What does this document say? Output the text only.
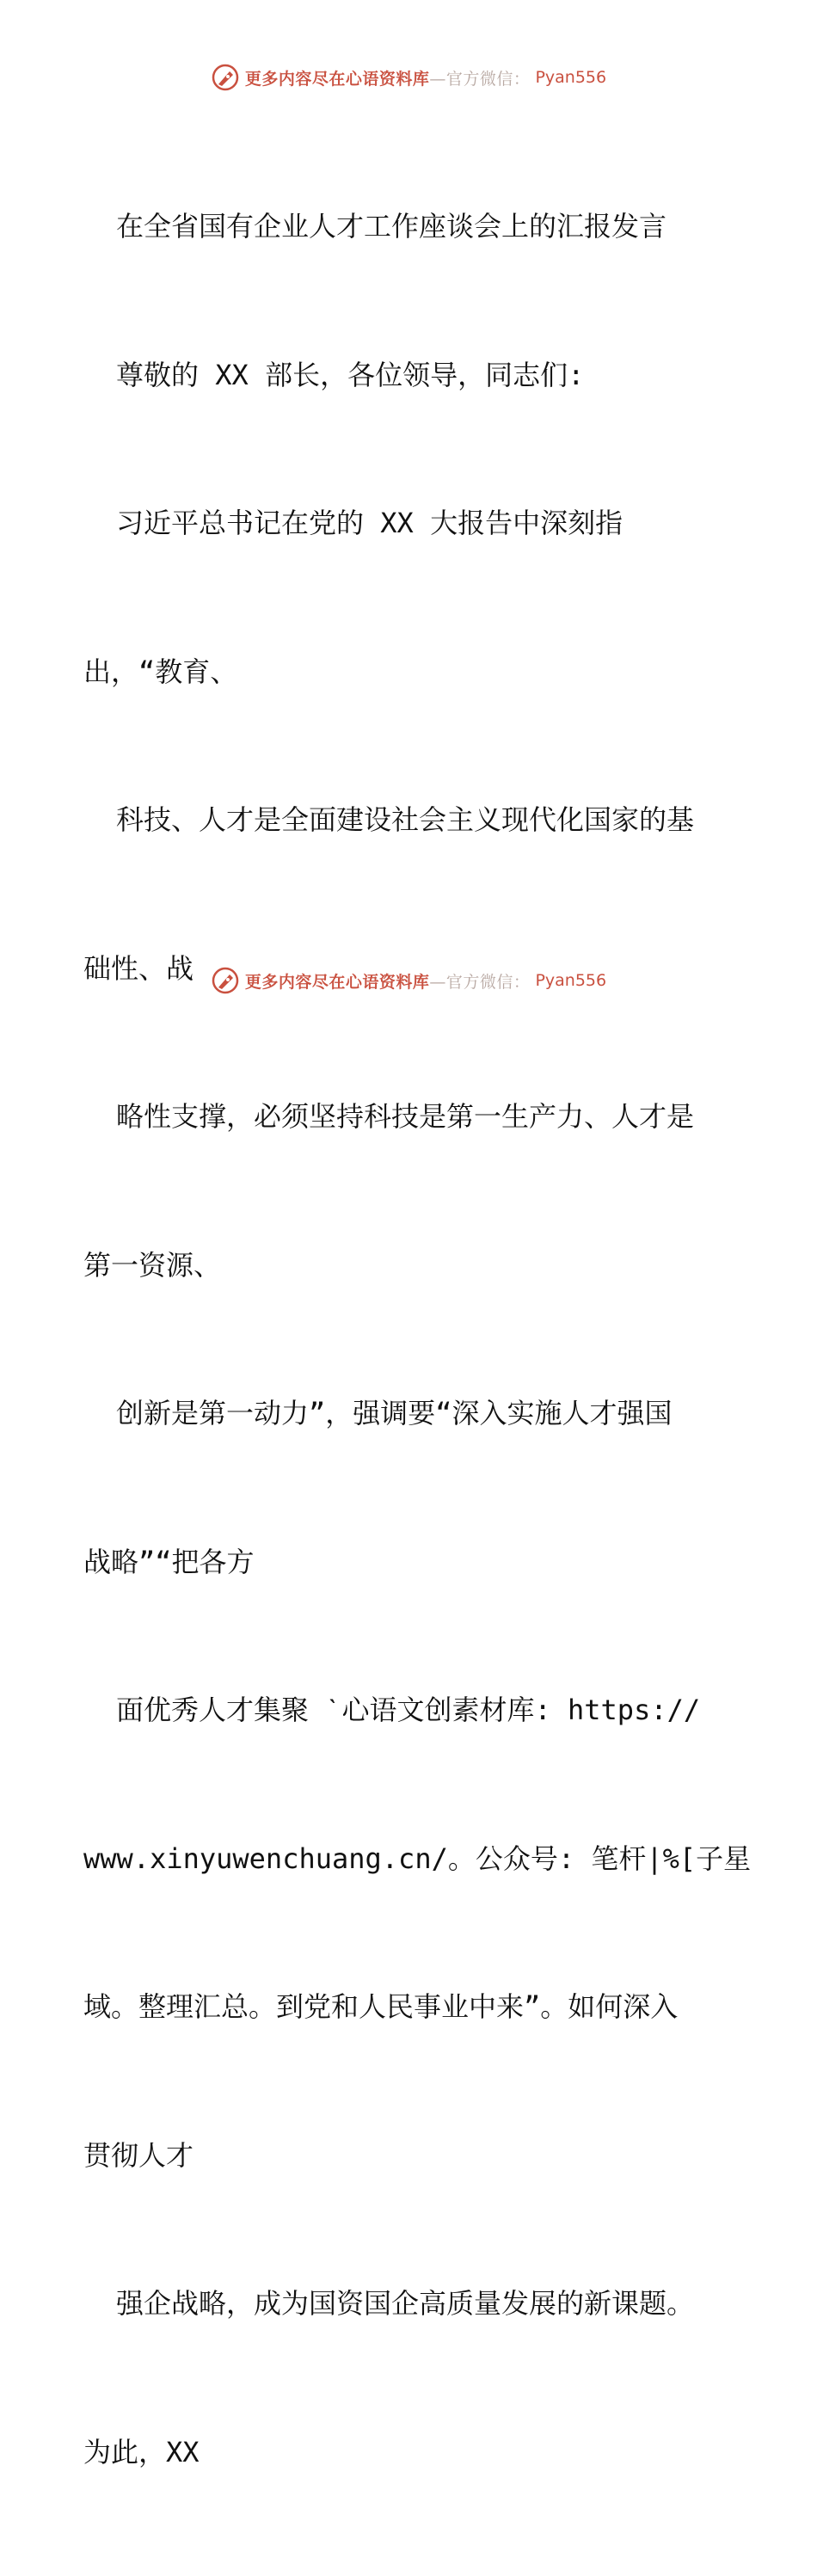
更多内容尽在心语资料库—官方微信： Pyan556

在全省国有企业人才工作座谈会上的汇报发言

尊敬的 XX 部长，各位领导，同志们:

习近平总书记在党的 XX 大报告中深刻指

出，“教育、

科技、人才是全面建设社会主义现代化国家的基

础性、战

略性支撑，必须坚持科技是第一生产力、人才是

第一资源、

创新是第一动力”，强调要“深入实施人才强国

战略”“把各方

面优秀人才集聚 ˋ心语文创素材库: https://

www.xinyuwenchuang.cn/。公众号: 笔杆|%[子星

域。整理汇总。到党和人民事业中来”。如何深入

贯彻人才

强企战略，成为国资国企高质量发展的新课题。

为此，XX

更多内容尽在心语资料库—官方微信： Pyan556
